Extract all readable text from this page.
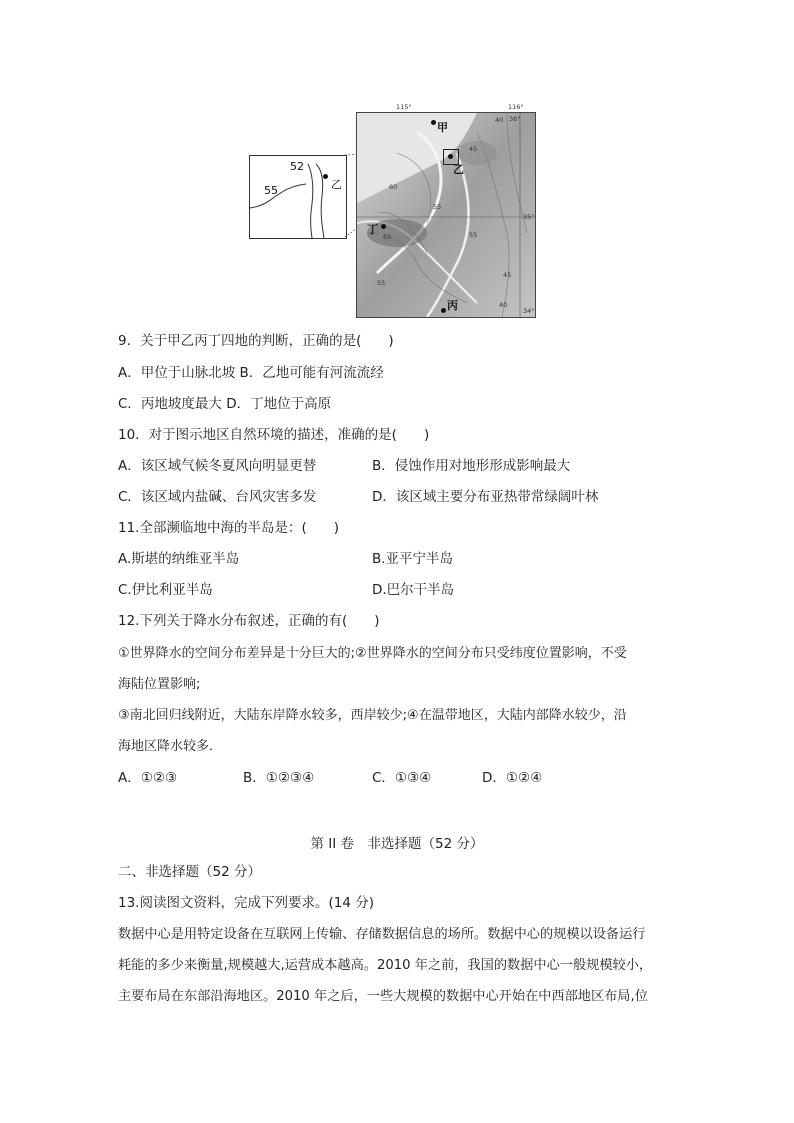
52
55	乙
36°
35°
34°
40
60
55
45
55
65
45
55
40
甲
乙
丁
丙
115°	116°
9．关于甲乙丙丁四地的判断，正确的是(　　)
A．甲位于山脉北坡 B．乙地可能有河流流经
C．丙地坡度最大 D．丁地位于高原
10．对于图示地区自然环境的描述，准确的是(　　)
A．该区域气候冬夏风向明显更替	B．侵蚀作用对地形形成影响最大
C．该区域内盐碱、台风灾害多发	D．该区域主要分布亚热带常绿阔叶林
11.全部濒临地中海的半岛是：(　　)
A.斯堪的纳维亚半岛	B.亚平宁半岛
C.伊比利亚半岛	D.巴尔干半岛
12.下列关于降水分布叙述，正确的有(　　)
①世界降水的空间分布差异是十分巨大的;②世界降水的空间分布只受纬度位置影响，不受
海陆位置影响;
③南北回归线附近，大陆东岸降水较多，西岸较少;④在温带地区，大陆内部降水较少，沿
海地区降水较多．
A．①②③	B．①②③④	C．①③④	D．①②④
第 II 卷　非选择题（52 分）
二、非选择题（52 分）
13.阅读图文资料，完成下列要求。(14 分)
数据中心是用特定设备在互联网上传输、存储数据信息的场所。数据中心的规模以设备运行
耗能的多少来衡量,规模越大,运营成本越高。2010 年之前，我国的数据中心一般规模较小，
主要布局在东部沿海地区。2010 年之后，一些大规模的数据中心开始在中西部地区布局,位
